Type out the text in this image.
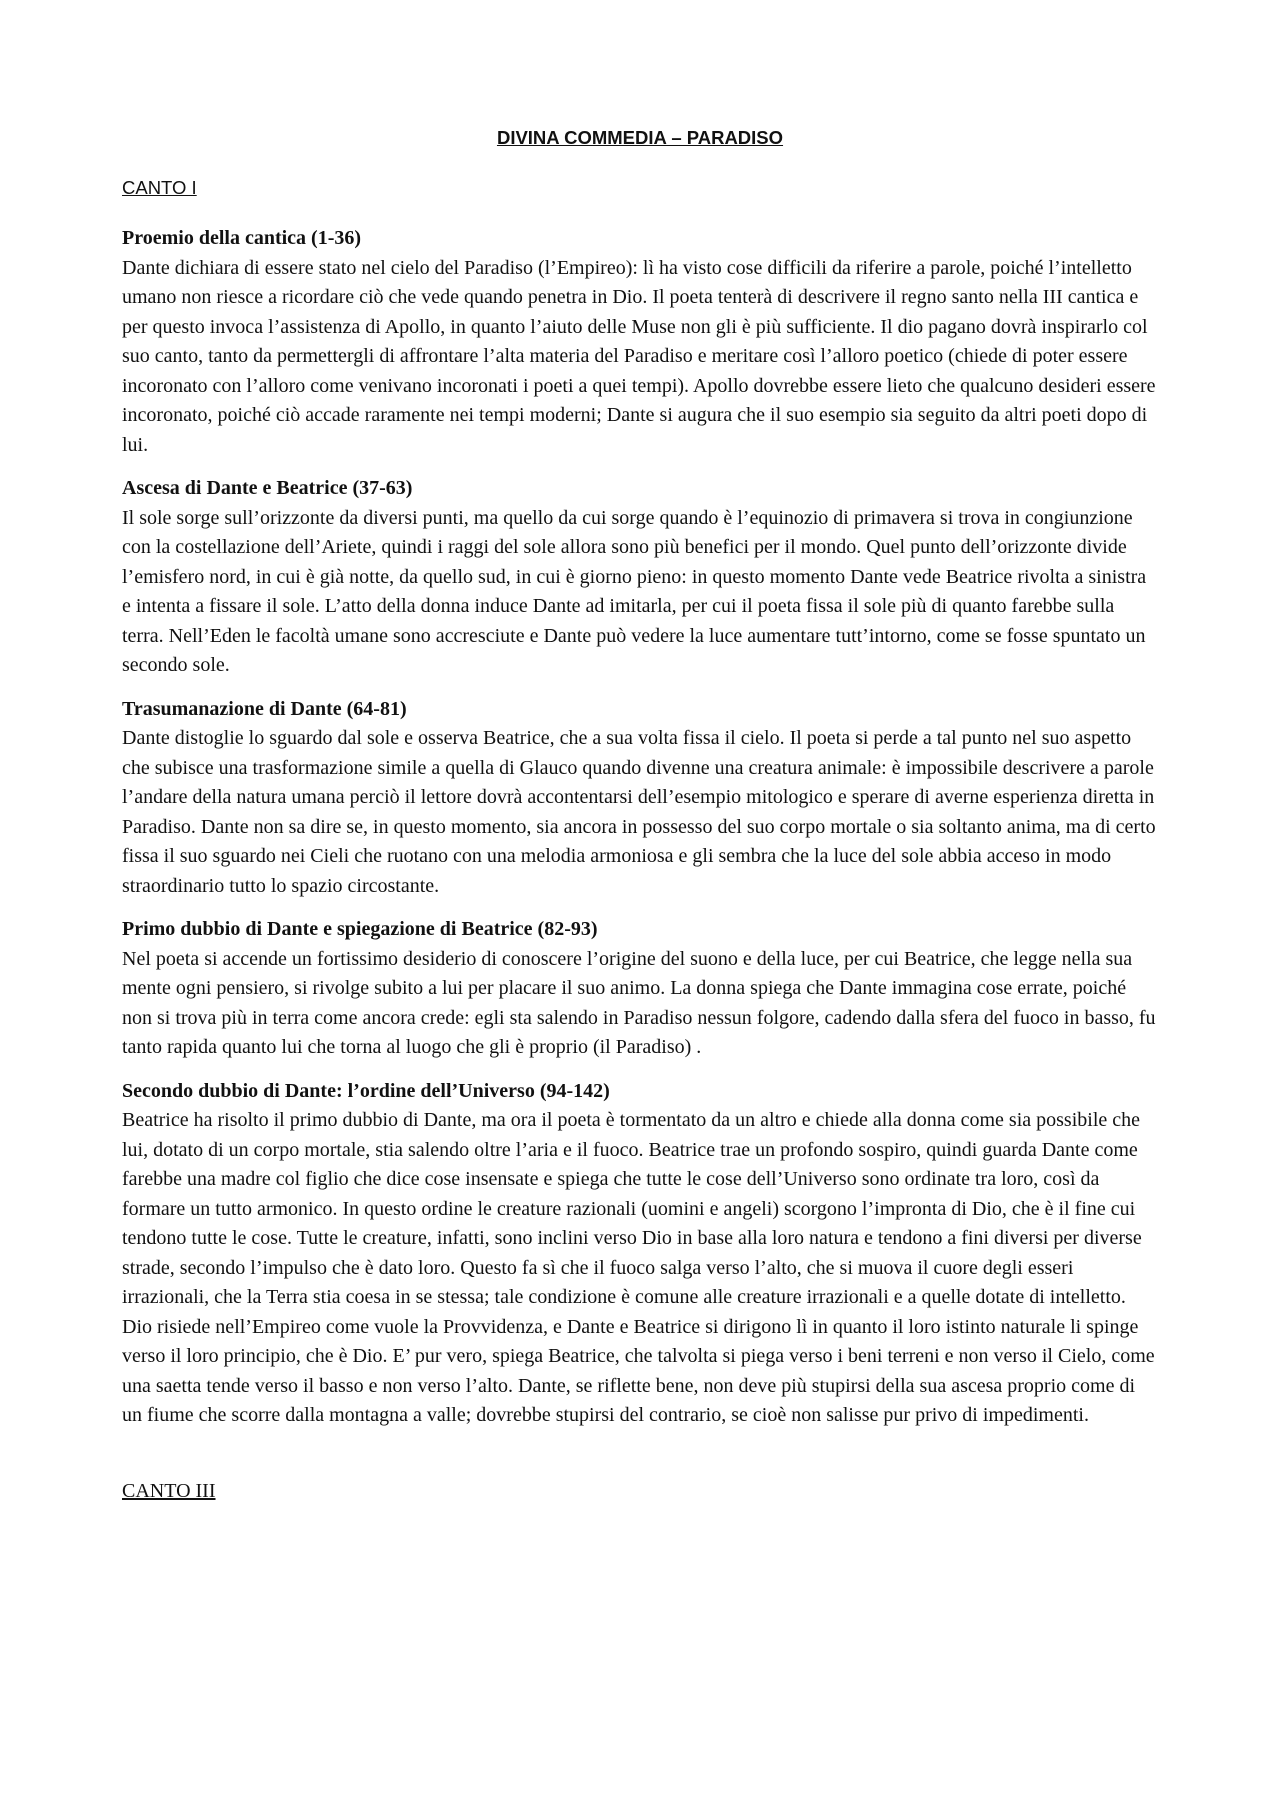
DIVINA COMMEDIA – PARADISO
CANTO I
Proemio della cantica (1-36)
Dante dichiara di essere stato nel cielo del Paradiso (l’Empireo): lì ha visto cose difficili da riferire a parole, poiché l’intelletto umano non riesce a ricordare ciò che vede quando penetra in Dio. Il poeta tenterà di descrivere il regno santo nella III cantica e per questo invoca l’assistenza di Apollo, in quanto l’aiuto delle Muse non gli è più sufficiente. Il dio pagano dovrà inspirarlo col suo canto, tanto da permettergli di affrontare l’alta materia del Paradiso e meritare così l’alloro poetico (chiede di poter essere incoronato con l’alloro come venivano incoronati i poeti a quei tempi). Apollo dovrebbe essere lieto che qualcuno desideri essere incoronato, poiché ciò accade raramente nei tempi moderni; Dante si augura che il suo esempio sia seguito da altri poeti dopo di lui.
Ascesa di Dante e Beatrice (37-63)
Il sole sorge sull’orizzonte da diversi punti, ma quello da cui sorge quando è l’equinozio di primavera si trova in congiunzione con la costellazione dell’Ariete, quindi i raggi del sole allora sono più benefici per il mondo. Quel punto dell’orizzonte divide l’emisfero nord, in cui è già notte, da quello sud, in cui è giorno pieno: in questo momento Dante vede Beatrice rivolta a sinistra e intenta a fissare il sole. L’atto della donna induce Dante ad imitarla, per cui il poeta fissa il sole più di quanto farebbe sulla terra. Nell’Eden le facoltà umane sono accresciute e Dante può vedere la luce aumentare tutt’intorno, come se fosse spuntato un secondo sole.
Trasumanazione di Dante (64-81)
Dante distoglie lo sguardo dal sole e osserva Beatrice, che a sua volta fissa il cielo. Il poeta si perde a tal punto nel suo aspetto che subisce una trasformazione simile a quella di Glauco quando divenne una creatura animale: è impossibile descrivere a parole l’andare della natura umana perciò il lettore dovrà accontentarsi dell’esempio mitologico e sperare di averne esperienza diretta in Paradiso. Dante non sa dire se, in questo momento, sia ancora in possesso del suo corpo mortale o sia soltanto anima, ma di certo fissa il suo sguardo nei Cieli che ruotano con una melodia armoniosa e gli sembra che la luce del sole abbia acceso in modo straordinario tutto lo spazio circostante.
Primo dubbio di Dante e spiegazione di Beatrice (82-93)
Nel poeta si accende un fortissimo desiderio di conoscere l’origine del suono e della luce, per cui Beatrice, che legge nella sua mente ogni pensiero, si rivolge subito a lui per placare il suo animo. La donna spiega che Dante immagina cose errate, poiché non si trova più in terra come ancora crede: egli sta salendo in Paradiso nessun folgore, cadendo dalla sfera del fuoco in basso, fu tanto rapida quanto lui che torna al luogo che gli è proprio (il Paradiso) .
Secondo dubbio di Dante: l’ordine dell’Universo (94-142)
Beatrice ha risolto il primo dubbio di Dante, ma ora il poeta è tormentato da un altro e chiede alla donna come sia possibile che lui, dotato di un corpo mortale, stia salendo oltre l’aria e il fuoco. Beatrice trae un profondo sospiro, quindi guarda Dante come farebbe una madre col figlio che dice cose insensate e spiega che tutte le cose dell’Universo sono ordinate tra loro, così da formare un tutto armonico. In questo ordine le creature razionali (uomini e angeli) scorgono l’impronta di Dio, che è il fine cui tendono tutte le cose. Tutte le creature, infatti, sono inclini verso Dio in base alla loro natura e tendono a fini diversi per diverse strade, secondo l’impulso che è dato loro. Questo fa sì che il fuoco salga verso l’alto, che si muova il cuore degli esseri irrazionali, che la Terra stia coesa in se stessa; tale condizione è comune alle creature irrazionali e a quelle dotate di intelletto. Dio risiede nell’Empireo come vuole la Provvidenza, e Dante e Beatrice si dirigono lì in quanto il loro istinto naturale li spinge verso il loro principio, che è Dio. E’ pur vero, spiega Beatrice, che talvolta si piega verso i beni terreni e non verso il Cielo, come una saetta tende verso il basso e non verso l’alto. Dante, se riflette bene, non deve più stupirsi della sua ascesa proprio come di un fiume che scorre dalla montagna a valle; dovrebbe stupirsi del contrario, se cioè non salisse pur privo di impedimenti.
CANTO III
